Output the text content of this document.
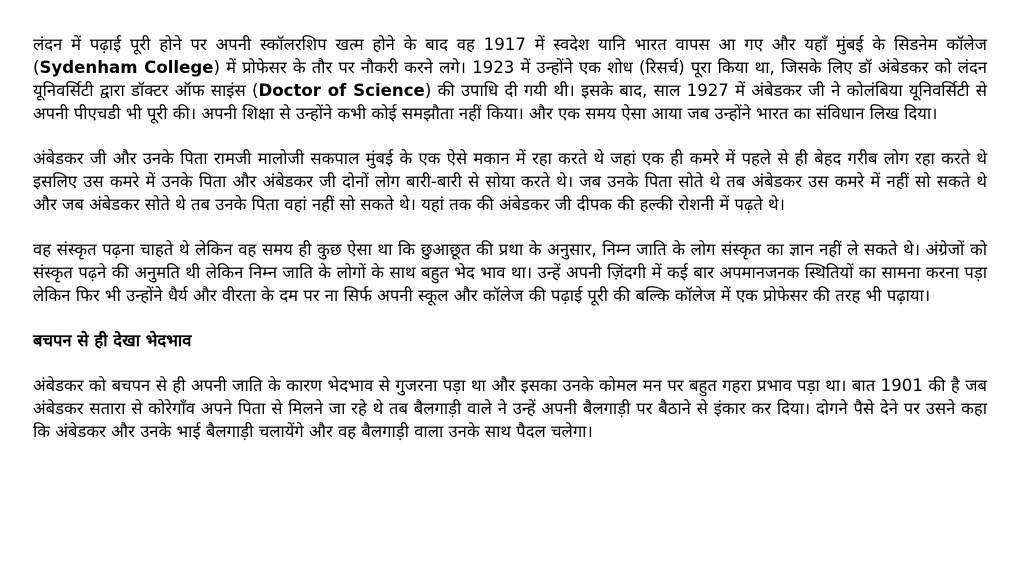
लंदन में पढ़ाई पूरी होने पर अपनी स्कॉलरशिप खत्म होने के बाद वह 1917 में स्वदेश यानि भारत वापस आ गए और यहाँ मुंबई के सिडनेम कॉलेज (Sydenham College) में प्रोफेसर के तौर पर नौकरी करने लगे। 1923 में उन्होंने एक शोध (रिसर्च) पूरा किया था, जिसके लिए डॉ अंबेडकर को लंदन यूनिवर्सिटी द्वारा डॉक्टर ऑफ साइंस (Doctor of Science) की उपाधि दी गयी थी। इसके बाद, साल 1927 में अंबेडकर जी ने कोलंबिया यूनिवर्सिटी से अपनी पीएचडी भी पूरी की। अपनी शिक्षा से उन्होंने कभी कोई समझौता नहीं किया। और एक समय ऐसा आया जब उन्होंने भारत का संविधान लिख दिया।

अंबेडकर जी और उनके पिता रामजी मालोजी सकपाल मुंबई के एक ऐसे मकान में रहा करते थे जहां एक ही कमरे में पहले से ही बेहद गरीब लोग रहा करते थे इसलिए उस कमरे में उनके पिता और अंबेडकर जी दोनों लोग बारी-बारी से सोया करते थे। जब उनके पिता सोते थे तब अंबेडकर उस कमरे में नहीं सो सकते थे और जब अंबेडकर सोते थे तब उनके पिता वहां नहीं सो सकते थे। यहां तक की अंबेडकर जी दीपक की हल्की रोशनी में पढ़ते थे।

वह संस्कृत पढ़ना चाहते थे लेकिन वह समय ही कुछ ऐसा था कि छुआछूत की प्रथा के अनुसार, निम्न जाति के लोग संस्कृत का ज्ञान नहीं ले सकते थे। अंग्रेजों को संस्कृत पढ़ने की अनुमति थी लेकिन निम्न जाति के लोगों के साथ बहुत भेद भाव था। उन्हें अपनी ज़िंदगी में कई बार अपमानजनक स्थितियों का सामना करना पड़ा लेकिन फिर भी उन्होंने धैर्य और वीरता के दम पर ना सिर्फ अपनी स्कूल और कॉलेज की पढ़ाई पूरी की बल्कि कॉलेज में एक प्रोफेसर की तरह भी पढ़ाया।

बचपन से ही देखा भेदभाव

अंबेडकर को बचपन से ही अपनी जाति के कारण भेदभाव से गुजरना पड़ा था और इसका उनके कोमल मन पर बहुत गहरा प्रभाव पड़ा था। बात 1901 की है जब अंबेडकर सतारा से कोरेगाँव अपने पिता से मिलने जा रहे थे तब बैलगाड़ी वाले ने उन्हें अपनी बैलगाड़ी पर बैठाने से इंकार कर दिया। दोगने पैसे देने पर उसने कहा कि अंबेडकर और उनके भाई बैलगाड़ी चलायेंगे और वह बैलगाड़ी वाला उनके साथ पैदल चलेगा।
